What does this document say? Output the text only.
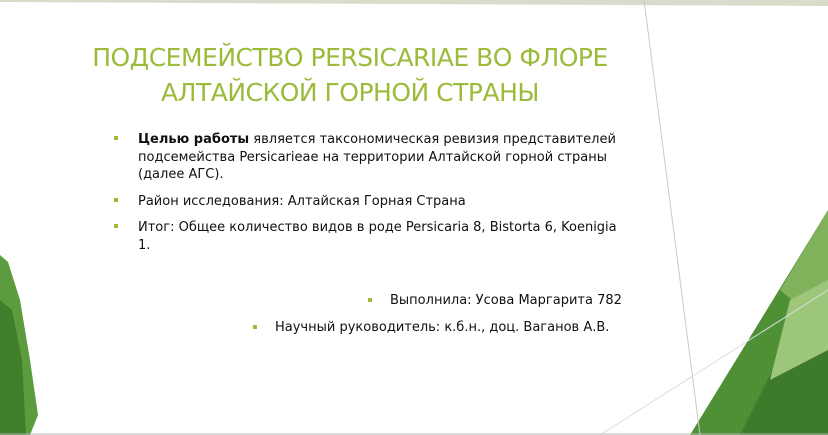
ПОДСЕМЕЙСТВО PERSICARIAE ВО ФЛОРЕ
АЛТАЙСКОЙ ГОРНОЙ СТРАНЫ
Целью работы является таксономическая ревизия представителей подсемейства Persicarieae на территории Алтайской горной страны (далее АГС).
Район исследования: Алтайская Горная Страна
Итог: Общее количество видов в роде Persicaria 8, Bistorta 6, Koenigia 1.
Выполнила: Усова Маргарита 782
Научный руководитель: к.б.н., доц. Ваганов А.В.
